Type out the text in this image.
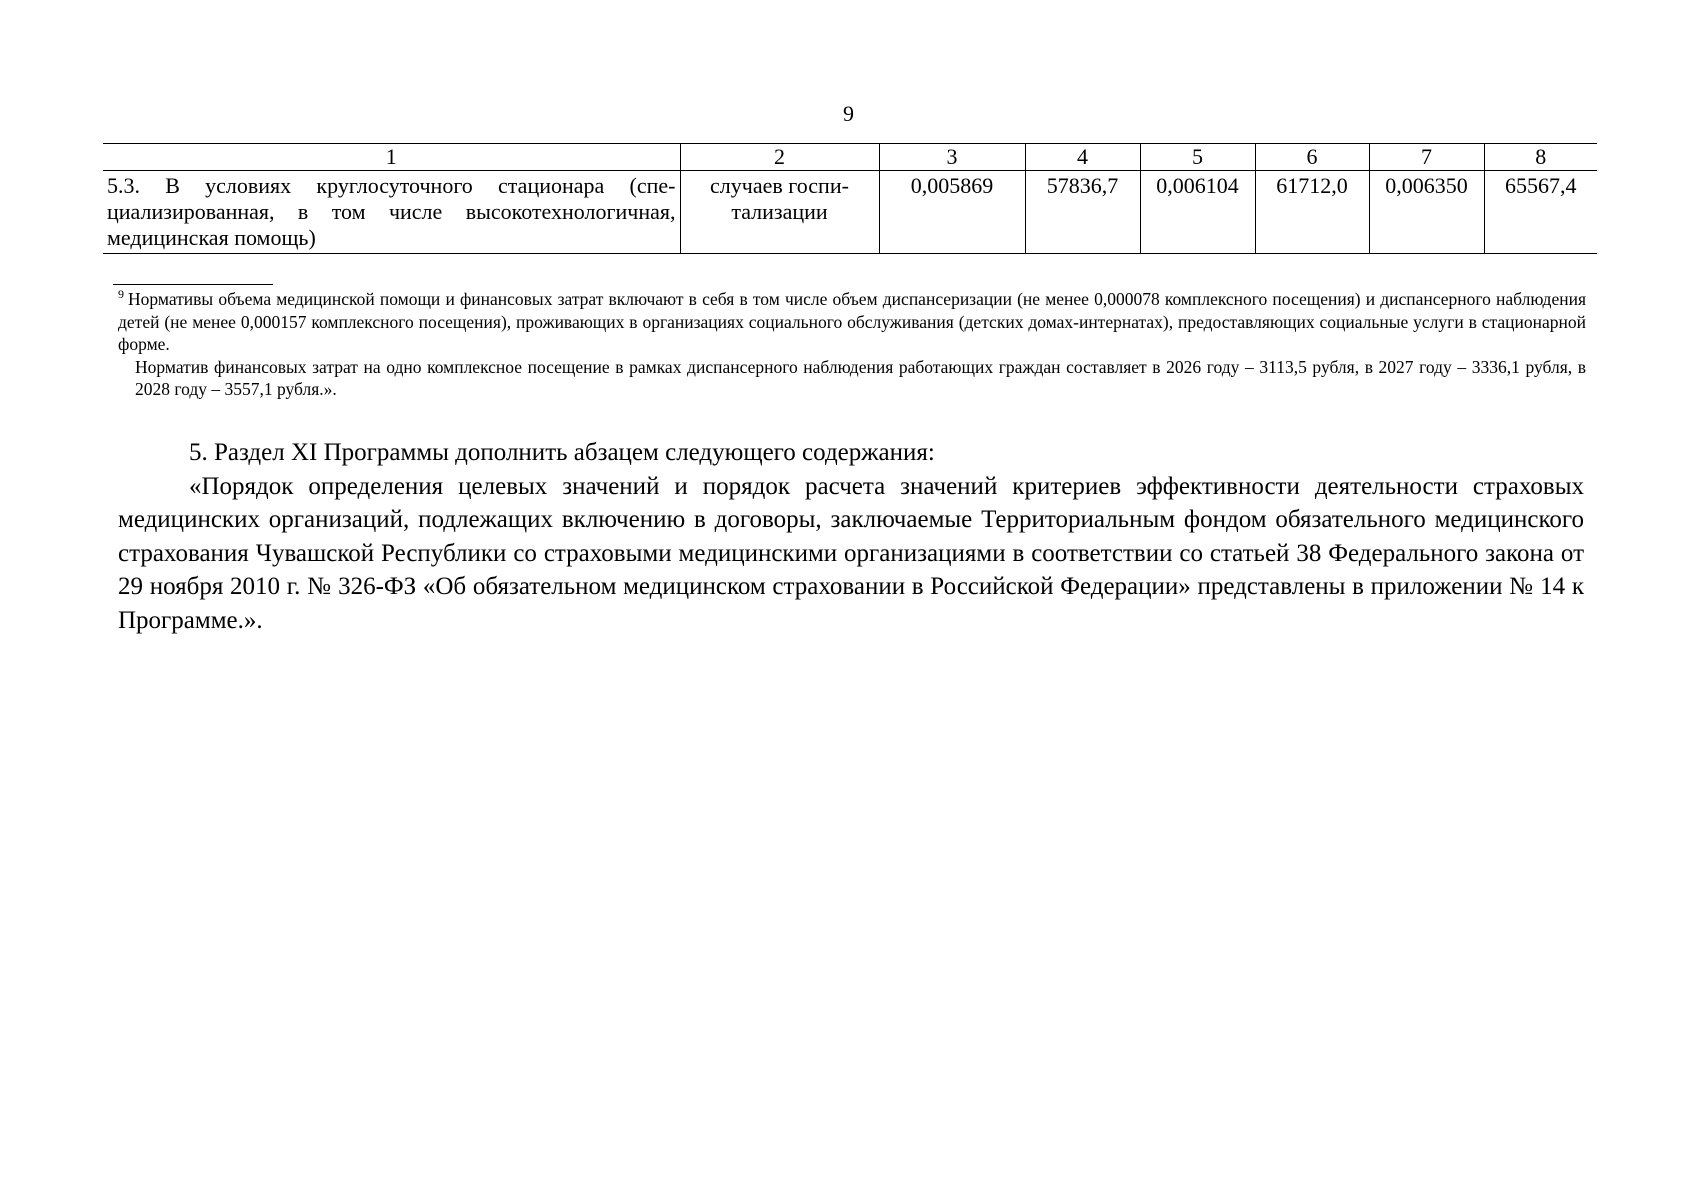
9
1	2	3	4	5	6	7	8
5.3. В условиях круглосуточного стационара (специализированная, в том числе высокотехнологичная, медицинская помощь)	случаев госпитализации	0,005869	57836,7	0,006104	61712,0	0,006350	65567,4

$^9$ Нормативы объема медицинской помощи и финансовых затрат включают в себя в том числе объем диспансеризации (не менее 0,000078 комплексного посещения) и диспансерного наблюдения детей (не менее 0,000157 комплексного посещения), проживающих в организациях социального обслуживания (детских домах-интернатах), предоставляющих социальные услуги в стационарной форме.

Норматив финансовых затрат на одно комплексное посещение в рамках диспансерного наблюдения работающих граждан составляет в 2026 году – 3113,5 рубля, в 2027 году – 3336,1 рубля, в 2028 году – 3557,1 рубля.».

5. Раздел XI Программы дополнить абзацем следующего содержания:

«Порядок определения целевых значений и порядок расчета значений критериев эффективности деятельности страховых медицинских организаций, подлежащих включению в договоры, заключаемые Территориальным фондом обязательного медицинского страхования Чувашской Республики со страховыми медицинскими организациями в соответствии со статьей 38 Федерального закона от 29 ноября 2010 г. № 326-ФЗ «Об обязательном медицинском страховании в Российской Федерации» представлены в приложении № 14 к Программе.».
